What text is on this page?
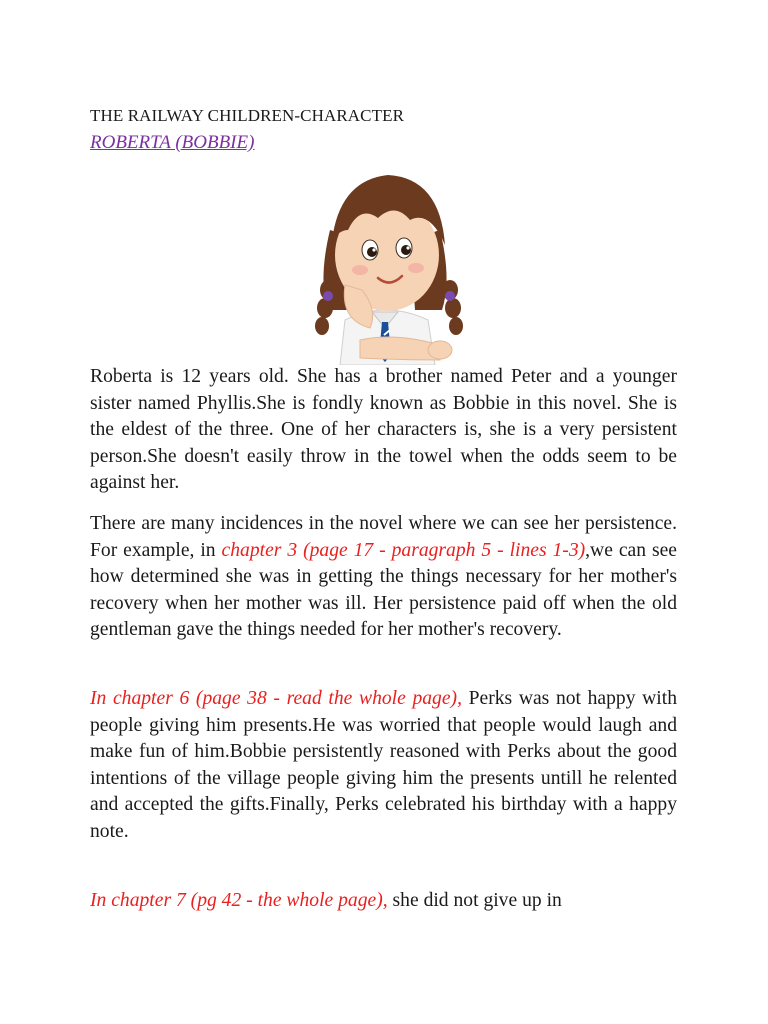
THE RAILWAY CHILDREN-CHARACTER
ROBERTA (BOBBIE)

Roberta is 12 years old. She has a brother named Peter and a younger sister named Phyllis.She is fondly known as Bobbie in this novel. She is the eldest of the three. One of her characters is, she is a very persistent person.She doesn't easily throw in the towel when the odds seem to be against her.

There are many incidences in the novel where we can see her persistence. For example, in chapter 3 (page 17 - paragraph 5 - lines 1-3),we can see how determined she was in getting the things necessary for her mother's recovery when her mother was ill. Her persistence paid off when the old gentleman gave the things needed for her mother's recovery.

In chapter 6 (page 38 - read the whole page), Perks was not happy with people giving him presents.He was worried that people would laugh and make fun of him.Bobbie persistently reasoned with Perks about the good intentions of the village people giving him the presents untill he relented and accepted the gifts.Finally, Perks celebrated his birthday with a happy note.

In chapter 7 (pg 42 - the whole page), she did not give up in
